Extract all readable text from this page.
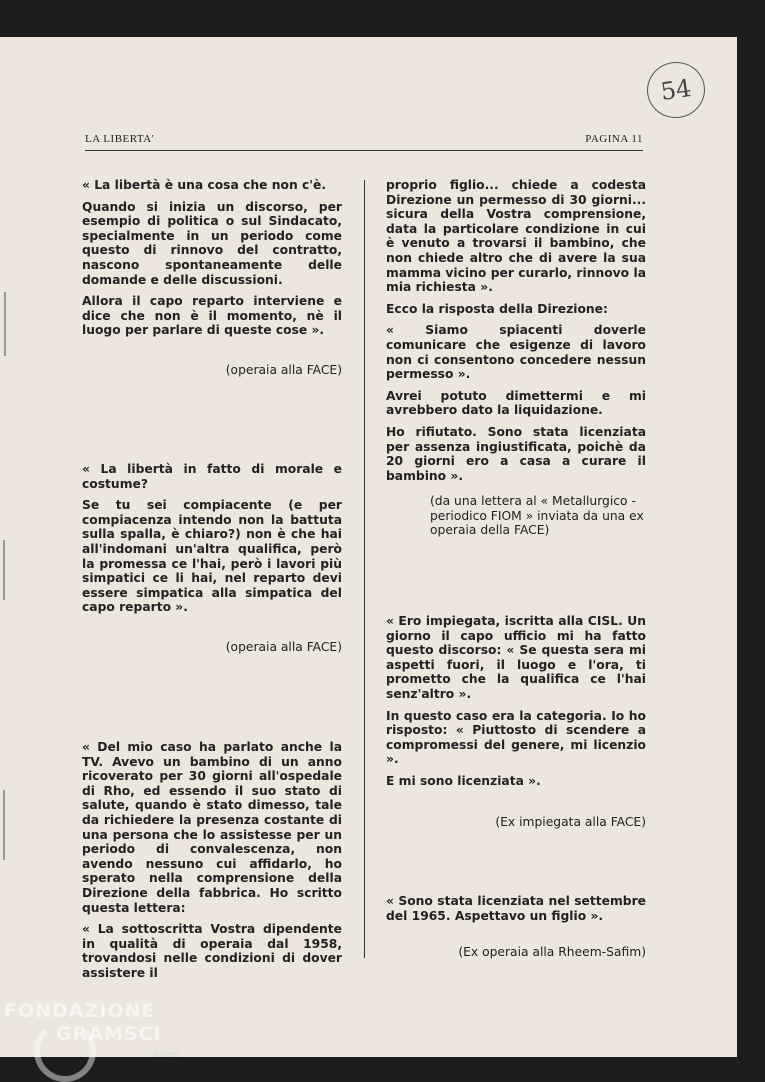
54
LA LIBERTA'	PAGINA 11

« La libertà è una cosa che non c'è.

Quando si inizia un discorso, per esempio di politica o sul Sindacato, specialmente in un periodo come questo di rinnovo del contratto, nascono spontaneamente delle domande e delle discussioni.

Allora il capo reparto interviene e dice che non è il momento, nè il luogo per parlare di queste cose ».

(operaia alla FACE)

« La libertà in fatto di morale e costume?

Se tu sei compiacente (e per compiacenza intendo non la battuta sulla spalla, è chiaro?) non è che hai all'indomani un'altra qualifica, però la promessa ce l'hai, però i lavori più simpatici ce li hai, nel reparto devi essere simpatica alla simpatica del capo reparto ».

(operaia alla FACE)

« Del mio caso ha parlato anche la TV. Avevo un bambino di un anno ricoverato per 30 giorni all'ospedale di Rho, ed essendo il suo stato di salute, quando è stato dimesso, tale da richiedere la presenza costante di una persona che lo assistesse per un periodo di convalescenza, non avendo nessuno cui affidarlo, ho sperato nella comprensione della Direzione della fabbrica. Ho scritto questa lettera:

« La sottoscritta Vostra dipendente in qualità di operaia dal 1958, trovandosi nelle condizioni di dover assistere il

proprio figlio... chiede a codesta Direzione un permesso di 30 giorni... sicura della Vostra comprensione, data la particolare condizione in cui è venuto a trovarsi il bambino, che non chiede altro che di avere la sua mamma vicino per curarlo, rinnovo la mia richiesta ».

Ecco la risposta della Direzione:

« Siamo spiacenti doverle comunicare che esigenze di lavoro non ci consentono concedere nessun permesso ».

Avrei potuto dimettermi e mi avrebbero dato la liquidazione.

Ho rifiutato. Sono stata licenziata per assenza ingiustificata, poichè da 20 giorni ero a casa a curare il bambino ».

(da una lettera al « Metallurgico - periodico FIOM » inviata da una ex operaia della FACE)

« Ero impiegata, iscritta alla CISL. Un giorno il capo ufficio mi ha fatto questo discorso: « Se questa sera mi aspetti fuori, il luogo e l'ora, ti prometto che la qualifica ce l'hai senz'altro ».

In questo caso era la categoria. Io ho risposto: « Piuttosto di scendere a compromessi del genere, mi licenzio ».

E mi sono licenziata ».

(Ex impiegata alla FACE)

« Sono stata licenziata nel settembre del 1965. Aspettavo un figlio ».

(Ex operaia alla Rheem-Safim)
FONDAZIONE
GRAMSCI
onlus
